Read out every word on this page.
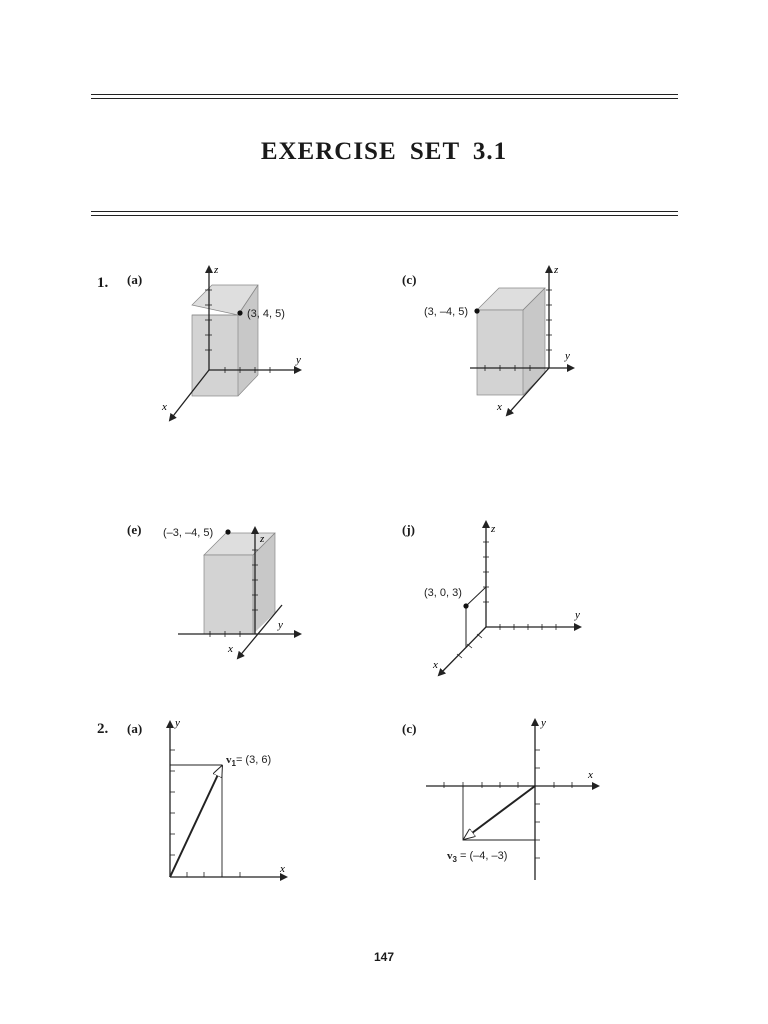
EXERCISE SET 3.1
1. (a)	(c)
(e)	(j)
2. (a)	(c)
(3, 4, 5)
z
y
x
(3, –4, 5)
z
y
x
(–3, –4, 5)	z
y
x
(3, 0, 3)
z
y
x
$v_1= (3$, 6)
y
x
$v_3 = (-4$, –3)
y
x
147
